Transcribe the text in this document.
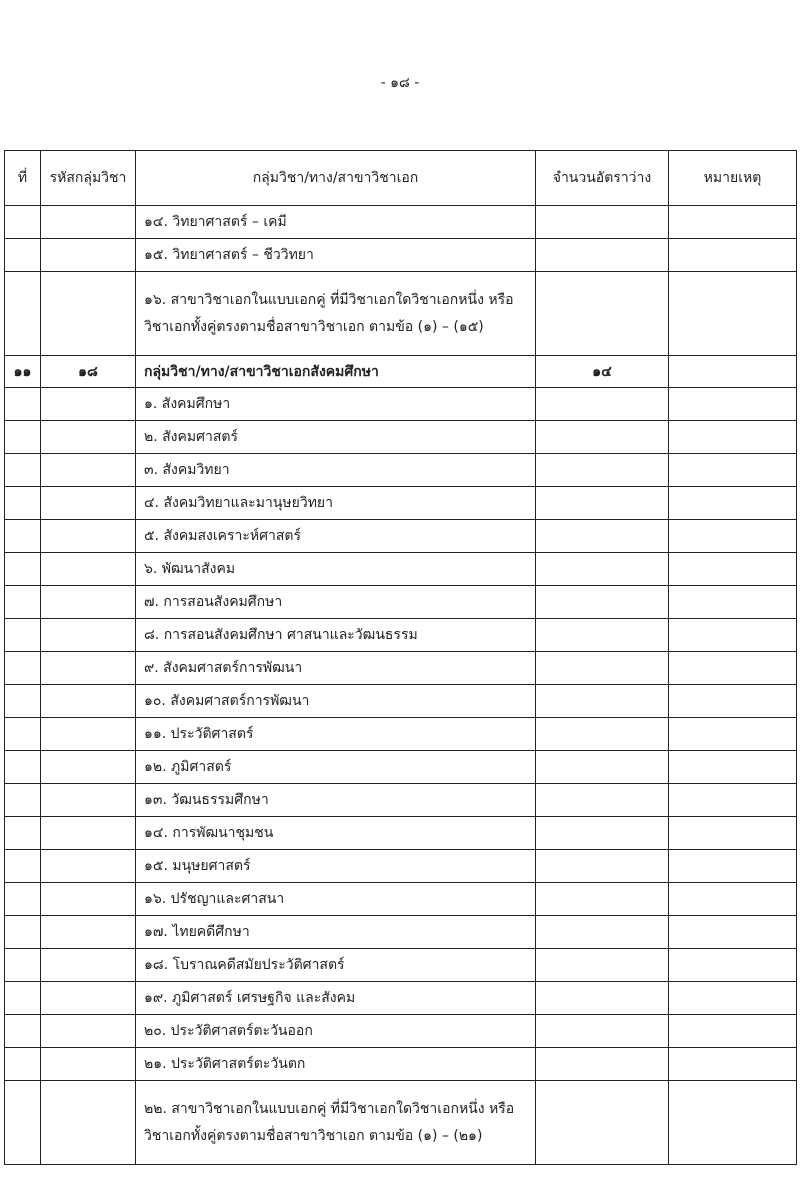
- ๑๘ -
ที่	รหัสกลุ่มวิชา	กลุ่มวิชา/ทาง/สาขาวิชาเอก	จำนวนอัตราว่าง	หมายเหตุ
		๑๔. วิทยาศาสตร์ – เคมี		
		๑๕. วิทยาศาสตร์ – ชีววิทยา		
		๑๖. สาขาวิชาเอกในแบบเอกคู่ ที่มีวิชาเอกใดวิชาเอกหนึ่ง หรือวิชาเอกทั้งคู่ตรงตามชื่อสาขาวิชาเอก ตามข้อ (๑) – (๑๕)		
๑๑	๑๘	กลุ่มวิชา/ทาง/สาขาวิชาเอกสังคมศึกษา	๑๔	
		๑. สังคมศึกษา		
		๒. สังคมศาสตร์		
		๓. สังคมวิทยา		
		๔. สังคมวิทยาและมานุษยวิทยา		
		๕. สังคมสงเคราะห์ศาสตร์		
		๖. พัฒนาสังคม		
		๗. การสอนสังคมศึกษา		
		๘. การสอนสังคมศึกษา ศาสนาและวัฒนธรรม		
		๙. สังคมศาสตร์การพัฒนา		
		๑๐. สังคมศาสตร์การพัฒนา		
		๑๑. ประวัติศาสตร์		
		๑๒. ภูมิศาสตร์		
		๑๓. วัฒนธรรมศึกษา		
		๑๔. การพัฒนาชุมชน		
		๑๕. มนุษยศาสตร์		
		๑๖. ปรัชญาและศาสนา		
		๑๗. ไทยคดีศึกษา		
		๑๘. โบราณคดีสมัยประวัติศาสตร์		
		๑๙. ภูมิศาสตร์ เศรษฐกิจ และสังคม		
		๒๐. ประวัติศาสตร์ตะวันออก		
		๒๑. ประวัติศาสตร์ตะวันตก		
		๒๒. สาขาวิชาเอกในแบบเอกคู่ ที่มีวิชาเอกใดวิชาเอกหนึ่ง หรือวิชาเอกทั้งคู่ตรงตามชื่อสาขาวิชาเอก ตามข้อ (๑) – (๒๑)		
